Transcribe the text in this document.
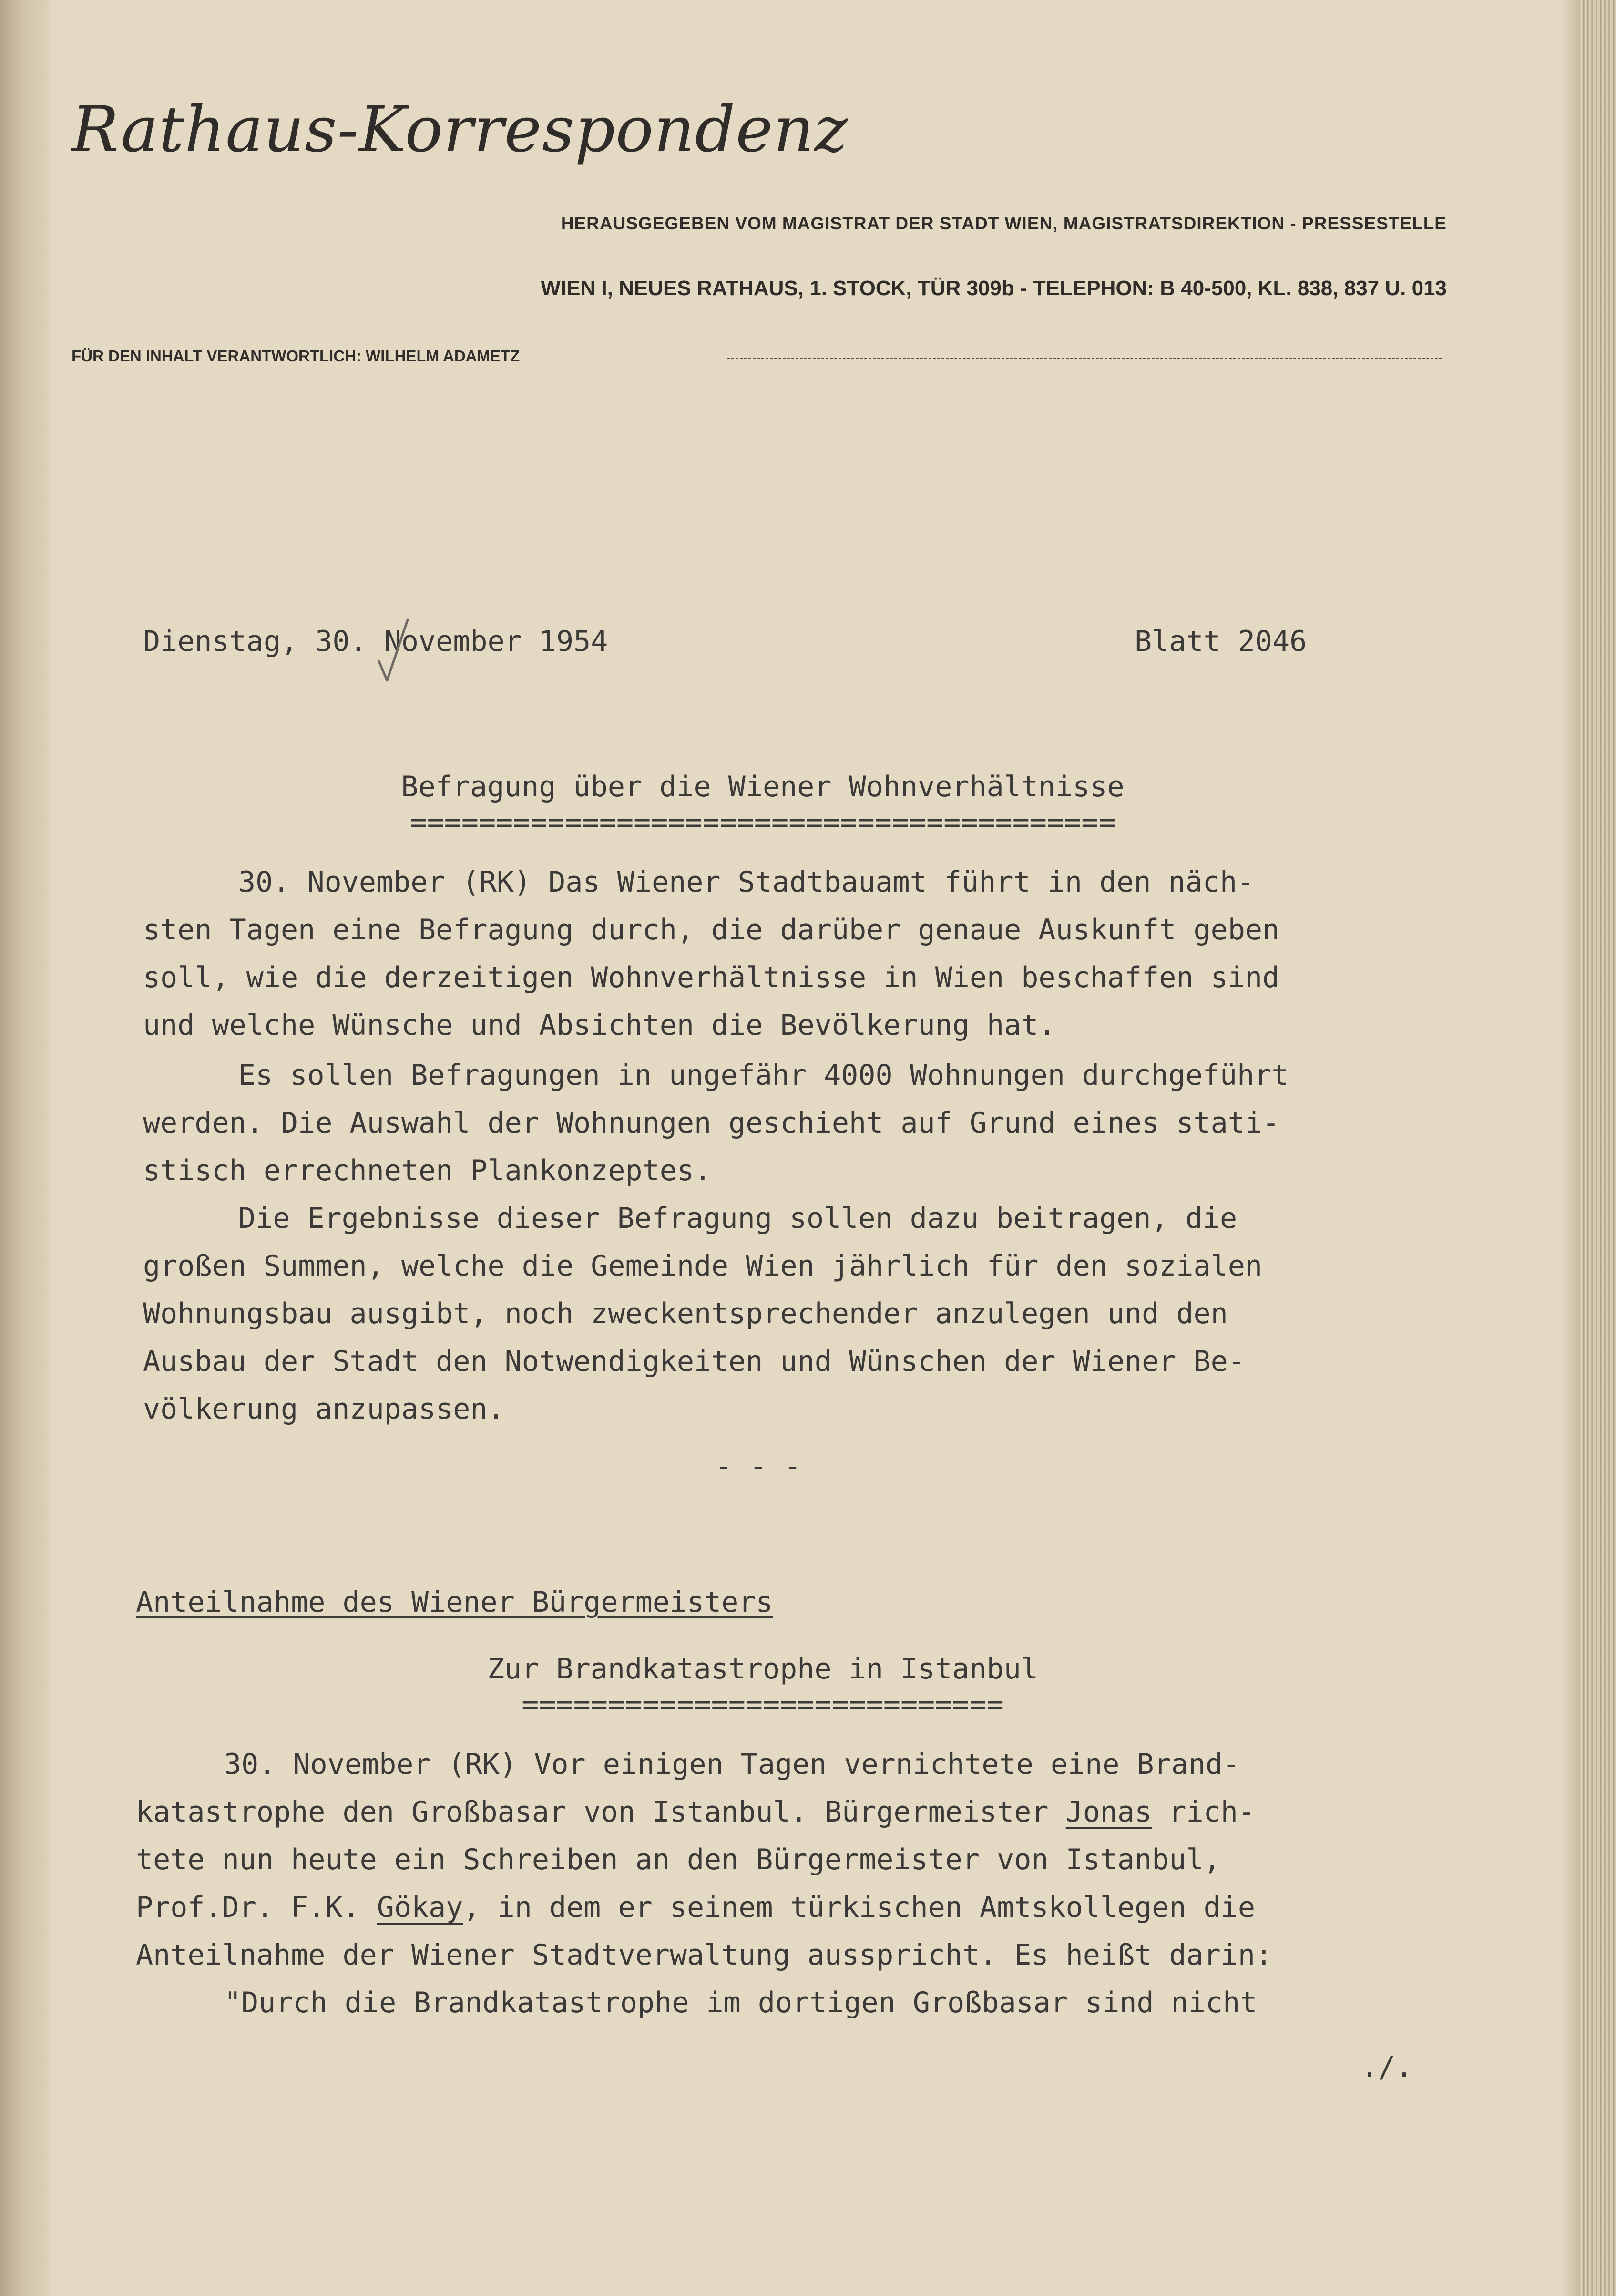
Rathaus-Korrespondenz
HERAUSGEGEBEN VOM MAGISTRAT DER STADT WIEN, MAGISTRATSDIREKTION - PRESSESTELLE
WIEN I, NEUES RATHAUS, 1. STOCK, TÜR 309b - TELEPHON: B 40-500, KL. 838, 837 U. 013
FÜR DEN INHALT VERANTWORTLICH: WILHELM ADAMETZ
Dienstag, 30. November 1954	Blatt 2046
Befragung über die Wiener Wohnverhältnisse
=========================================
30. November (RK) Das Wiener Stadtbauamt führt in den näch-
sten Tagen eine Befragung durch, die darüber genaue Auskunft geben
soll, wie die derzeitigen Wohnverhältnisse in Wien beschaffen sind
und welche Wünsche und Absichten die Bevölkerung hat.
Es sollen Befragungen in ungefähr 4000 Wohnungen durchgeführt
werden. Die Auswahl der Wohnungen geschieht auf Grund eines stati-
stisch errechneten Plankonzeptes.
Die Ergebnisse dieser Befragung sollen dazu beitragen, die
großen Summen, welche die Gemeinde Wien jährlich für den sozialen
Wohnungsbau ausgibt, noch zweckentsprechender anzulegen und den
Ausbau der Stadt den Notwendigkeiten und Wünschen der Wiener Be-
völkerung anzupassen.
- - -
Anteilnahme des Wiener Bürgermeisters
Zur Brandkatastrophe in Istanbul
============================
30. November (RK) Vor einigen Tagen vernichtete eine Brand-
katastrophe den Großbasar von Istanbul. Bürgermeister Jonas rich-
tete nun heute ein Schreiben an den Bürgermeister von Istanbul,
Prof.Dr. F.K. Gökay, in dem er seinem türkischen Amtskollegen die
Anteilnahme der Wiener Stadtverwaltung ausspricht. Es heißt darin:
"Durch die Brandkatastrophe im dortigen Großbasar sind nicht
./.
